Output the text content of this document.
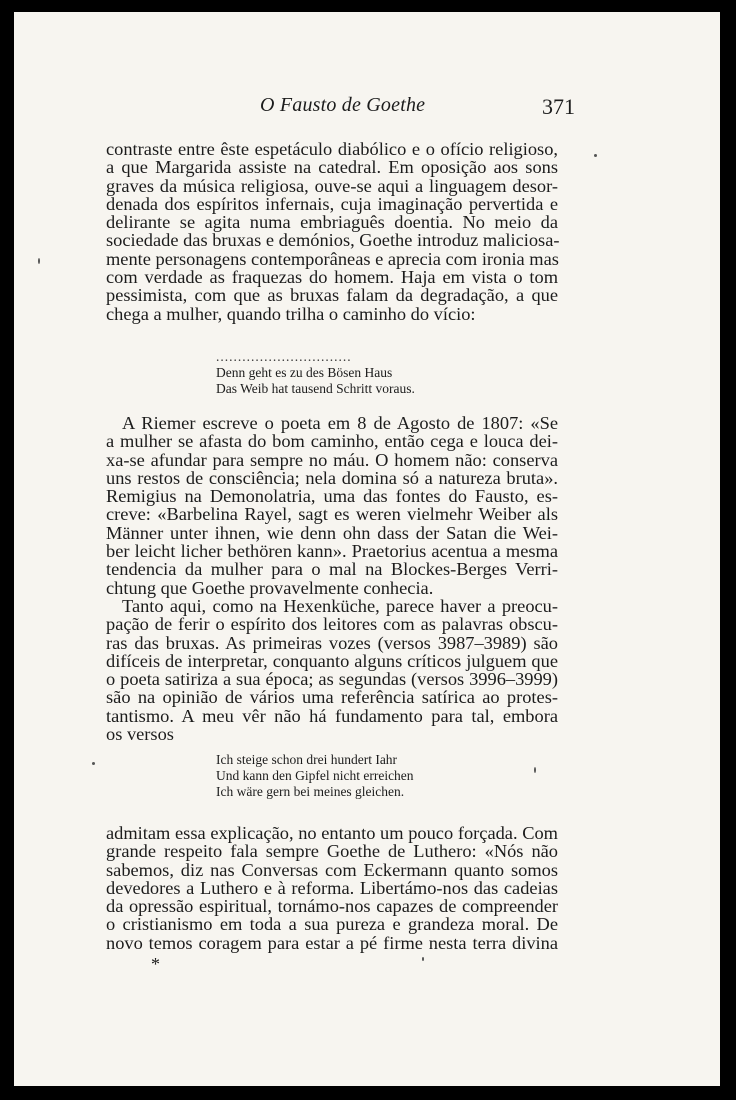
O Fausto de Goethe	371
contraste entre êste espetáculo diabólico e o ofício religioso,
a que Margarida assiste na catedral. Em oposição aos sons
graves da música religiosa, ouve-se aqui a linguagem desor-
denada dos espíritos infernais, cuja imaginação pervertida e
delirante se agita numa embriaguês doentia. No meio da
sociedade das bruxas e demónios, Goethe introduz maliciosa-
mente personagens contemporâneas e aprecia com ironia mas
com verdade as fraquezas do homem. Haja em vista o tom
pessimista, com que as bruxas falam da degradação, a que
chega a mulher, quando trilha o caminho do vício:
...............................
Denn geht es zu des Bösen Haus
Das Weib hat tausend Schritt voraus.
A Riemer escreve o poeta em 8 de Agosto de 1807: «Se
a mulher se afasta do bom caminho, então cega e louca dei-
xa-se afundar para sempre no máu. O homem não: conserva
uns restos de consciência; nela domina só a natureza bruta».
Remigius na Demonolatria, uma das fontes do Fausto, es-
creve: «Barbelina Rayel, sagt es weren vielmehr Weiber als
Männer unter ihnen, wie denn ohn dass der Satan die Wei-
ber leicht licher bethören kann». Praetorius acentua a mesma
tendencia da mulher para o mal na Blockes-Berges Verri-
chtung que Goethe provavelmente conhecia.
Tanto aqui, como na Hexenküche, parece haver a preocu-
pação de ferir o espírito dos leitores com as palavras obscu-
ras das bruxas. As primeiras vozes (versos 3987–3989) são
difíceis de interpretar, conquanto alguns críticos julguem que
o poeta satiriza a sua época; as segundas (versos 3996–3999)
são na opinião de vários uma referência satírica ao protes-
tantismo. A meu vêr não há fundamento para tal, embora
os versos
Ich steige schon drei hundert Iahr
Und kann den Gipfel nicht erreichen
Ich wäre gern bei meines gleichen.
admitam essa explicação, no entanto um pouco forçada. Com
grande respeito fala sempre Goethe de Luthero: «Nós não
sabemos, diz nas Conversas com Eckermann quanto somos
devedores a Luthero e à reforma. Libertámo-nos das cadeias
da opressão espiritual, tornámo-nos capazes de compreender
o cristianismo em toda a sua pureza e grandeza moral. De
novo temos coragem para estar a pé firme nesta terra divina
*
